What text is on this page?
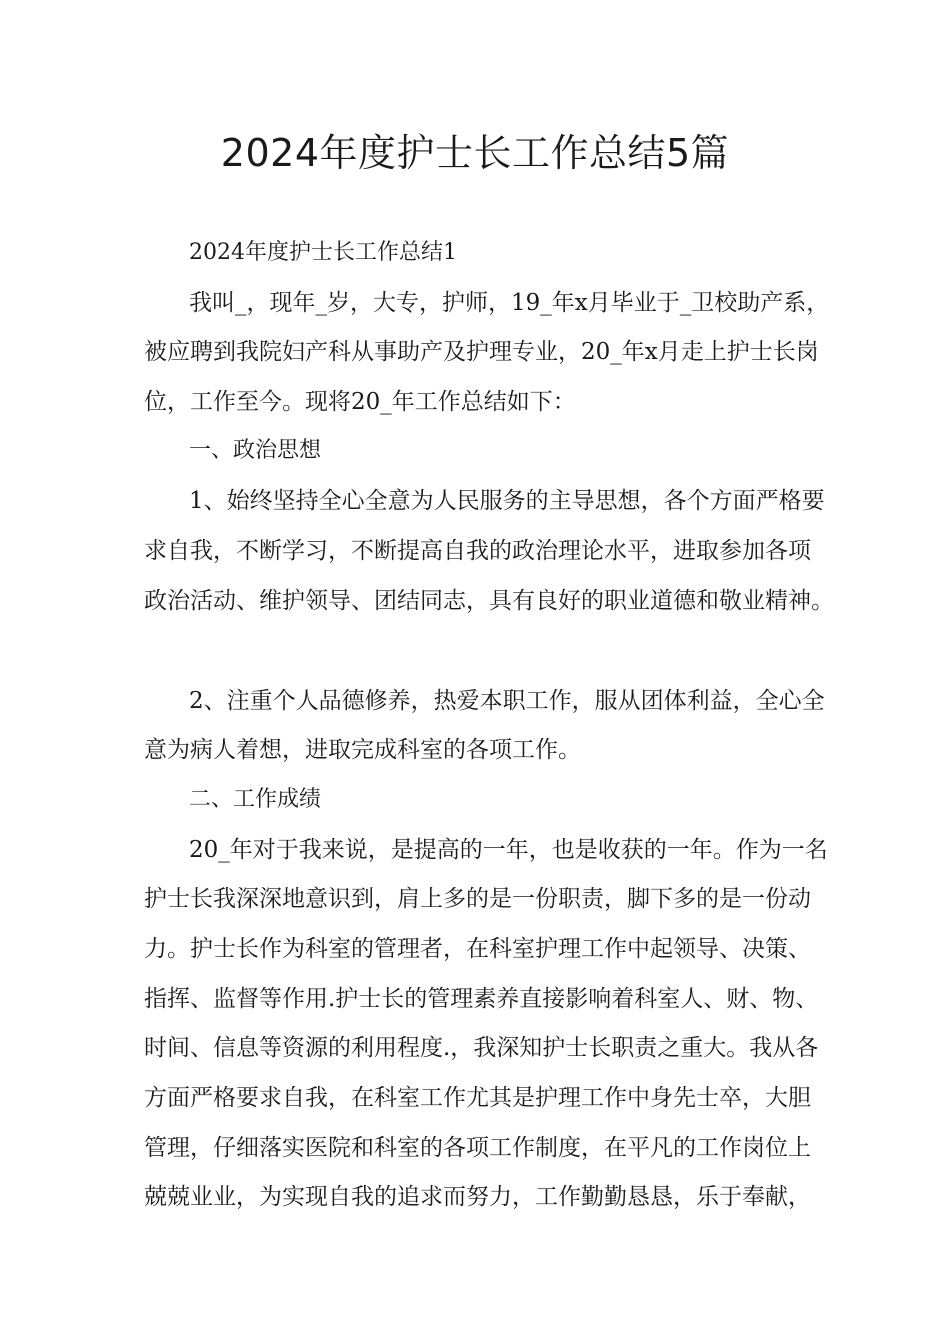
2024年度护士长工作总结5篇

2024年度护士长工作总结1

我叫_，现年_岁，大专，护师，19_年x月毕业于_卫校助产系，

被应聘到我院妇产科从事助产及护理专业，20_年x月走上护士长岗

位，工作至今。现将20_年工作总结如下：

一、政治思想

1、始终坚持全心全意为人民服务的主导思想，各个方面严格要

求自我，不断学习，不断提高自我的政治理论水平，进取参加各项

政治活动、维护领导、团结同志，具有良好的职业道德和敬业精神。

2、注重个人品德修养，热爱本职工作，服从团体利益，全心全

意为病人着想，进取完成科室的各项工作。

二、工作成绩

20_年对于我来说，是提高的一年，也是收获的一年。作为一名

护士长我深深地意识到，肩上多的是一份职责，脚下多的是一份动

力。护士长作为科室的管理者，在科室护理工作中起领导、决策、

指挥、监督等作用.护士长的管理素养直接影响着科室人、财、物、

时间、信息等资源的利用程度.，我深知护士长职责之重大。我从各

方面严格要求自我，在科室工作尤其是护理工作中身先士卒，大胆

管理，仔细落实医院和科室的各项工作制度，在平凡的工作岗位上

兢兢业业，为实现自我的追求而努力，工作勤勤恳恳，乐于奉献，
